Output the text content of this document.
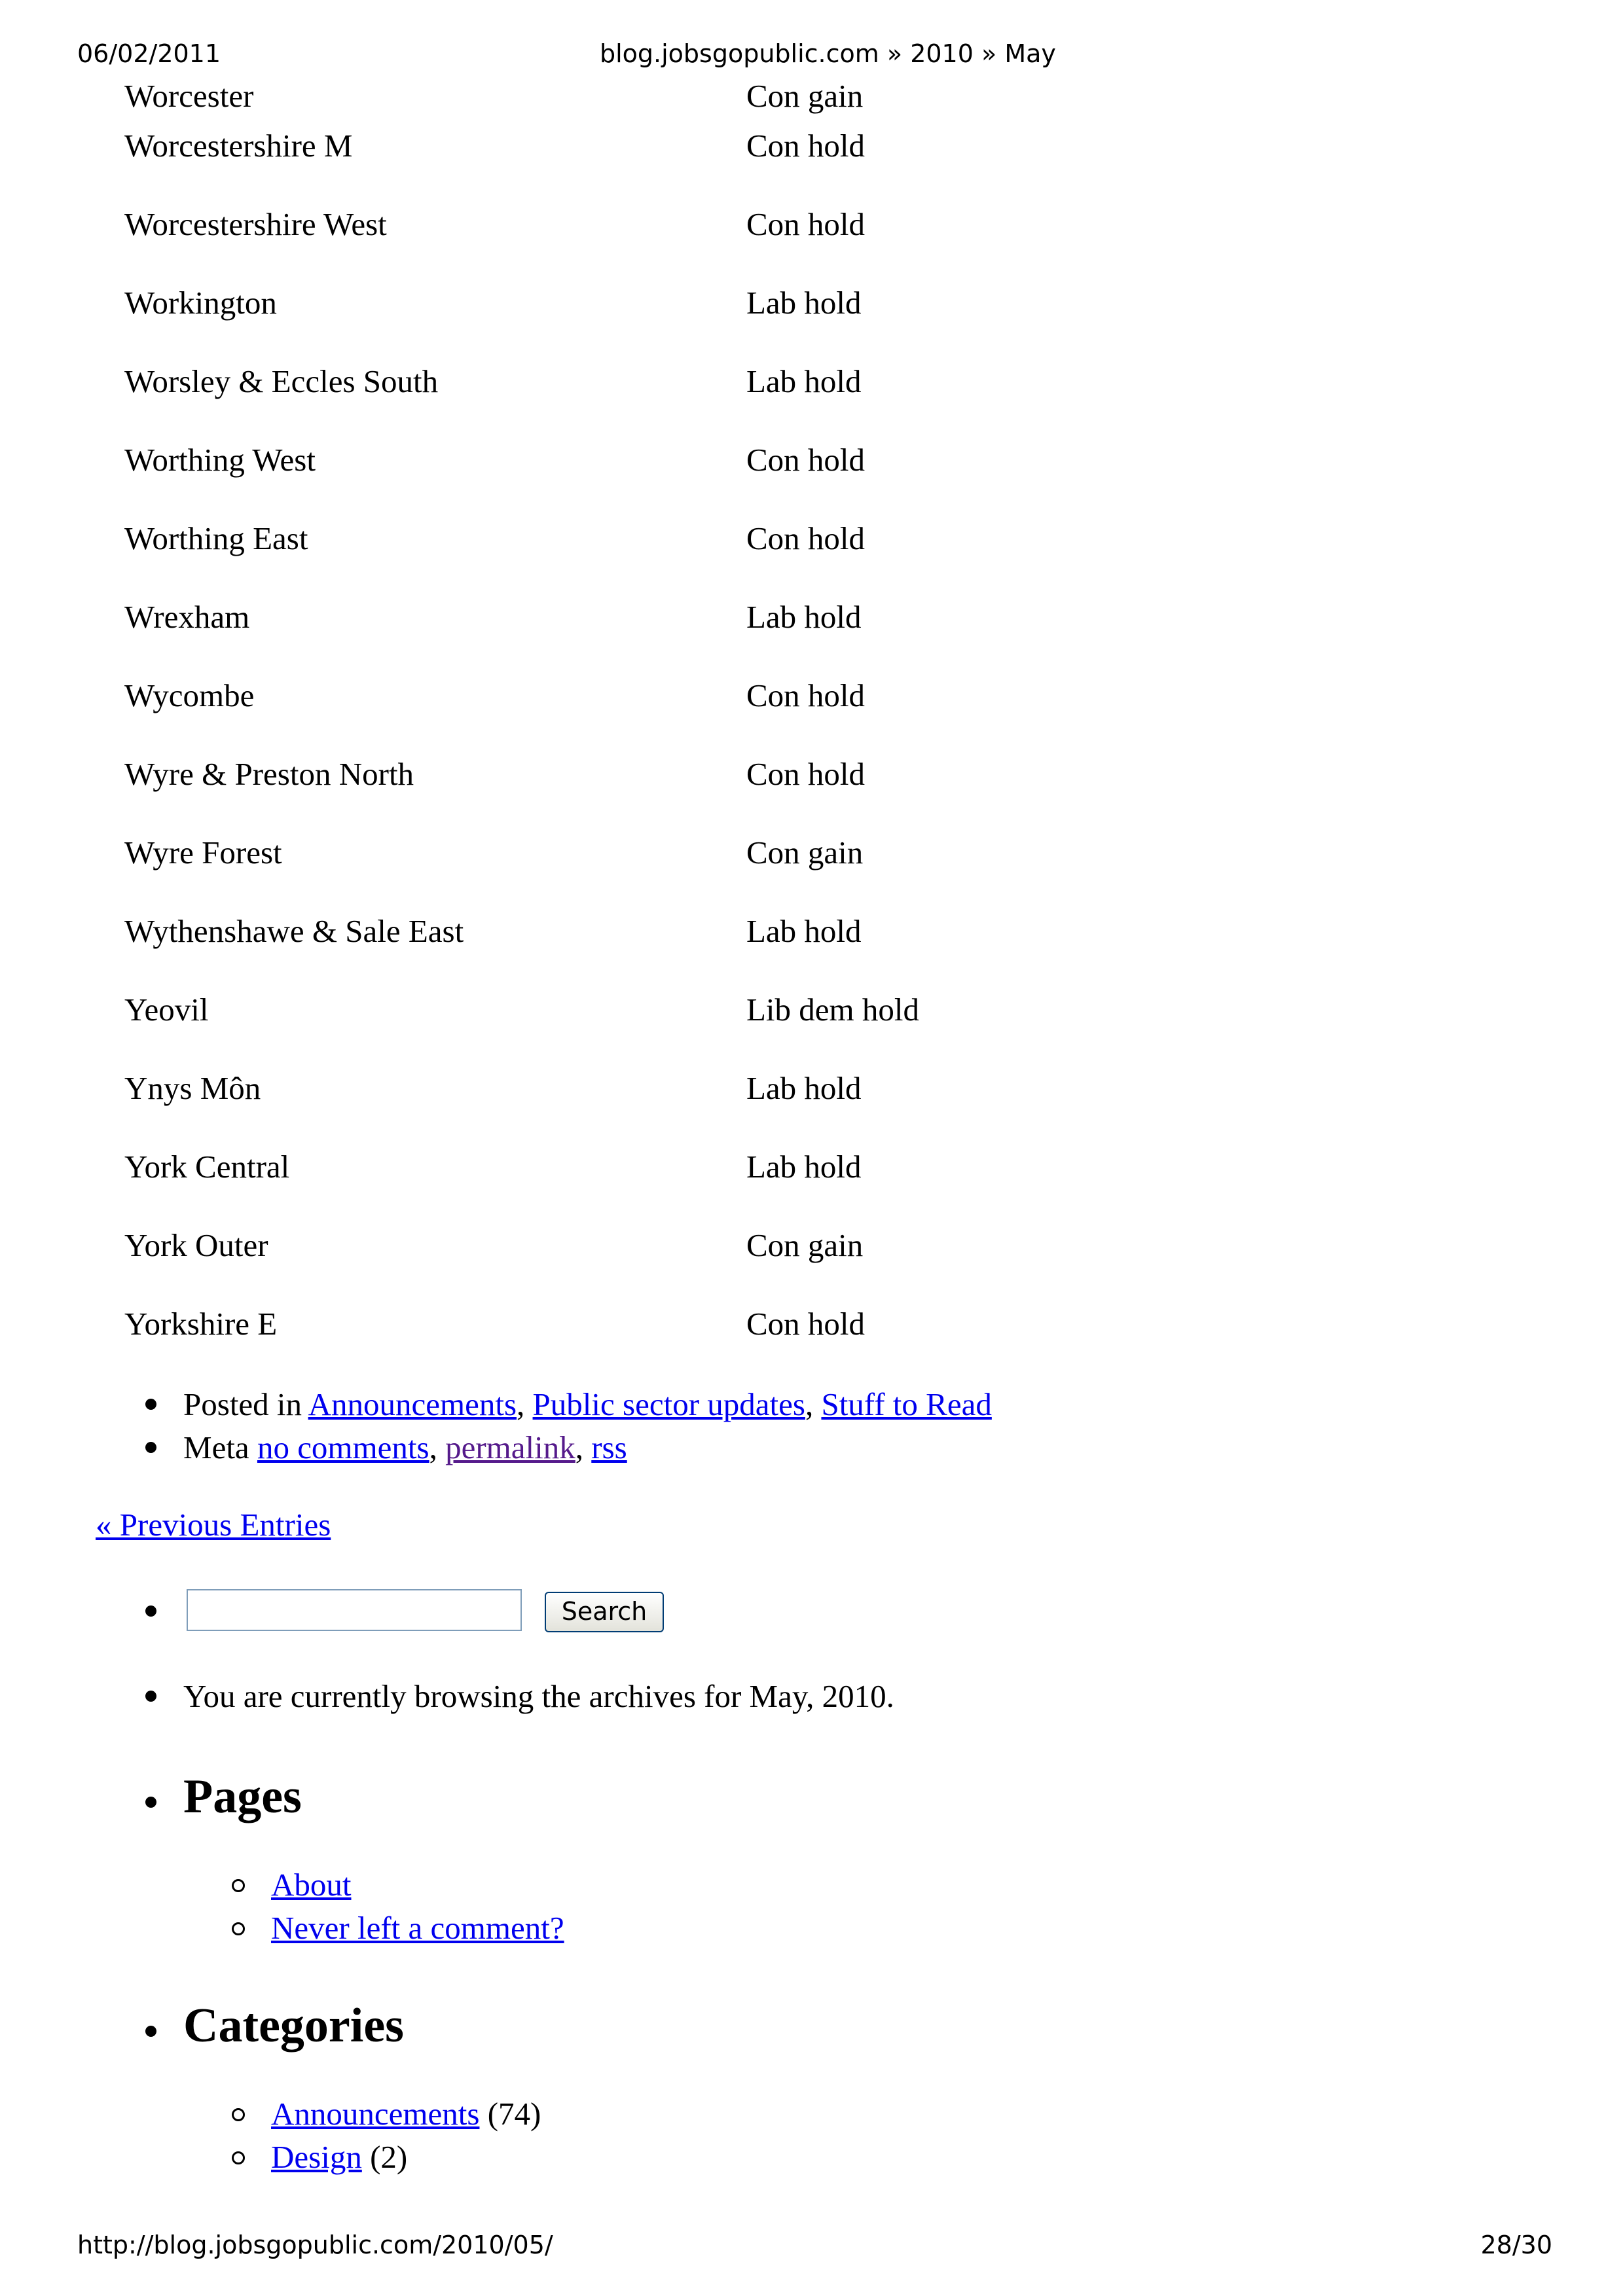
06/02/2011	blog.jobsgopublic.com » 2010 » May
Worcester	Con gain
Worcestershire M	Con hold
Worcestershire West	Con hold
Workington	Lab hold
Worsley & Eccles South	Lab hold
Worthing West	Con hold
Worthing East	Con hold
Wrexham	Lab hold
Wycombe	Con hold
Wyre & Preston North	Con hold
Wyre Forest	Con gain
Wythenshawe & Sale East	Lab hold
Yeovil	Lib dem hold
Ynys Môn	Lab hold
York Central	Lab hold
York Outer	Con gain
Yorkshire E	Con hold
Posted in Announcements, Public sector updates, Stuff to Read
Meta no comments, permalink, rss
« Previous Entries
Search
You are currently browsing the archives for May, 2010.
Pages
About
Never left a comment?
Categories
Announcements (74)
Design (2)
http://blog.jobsgopublic.com/2010/05/	28/30
